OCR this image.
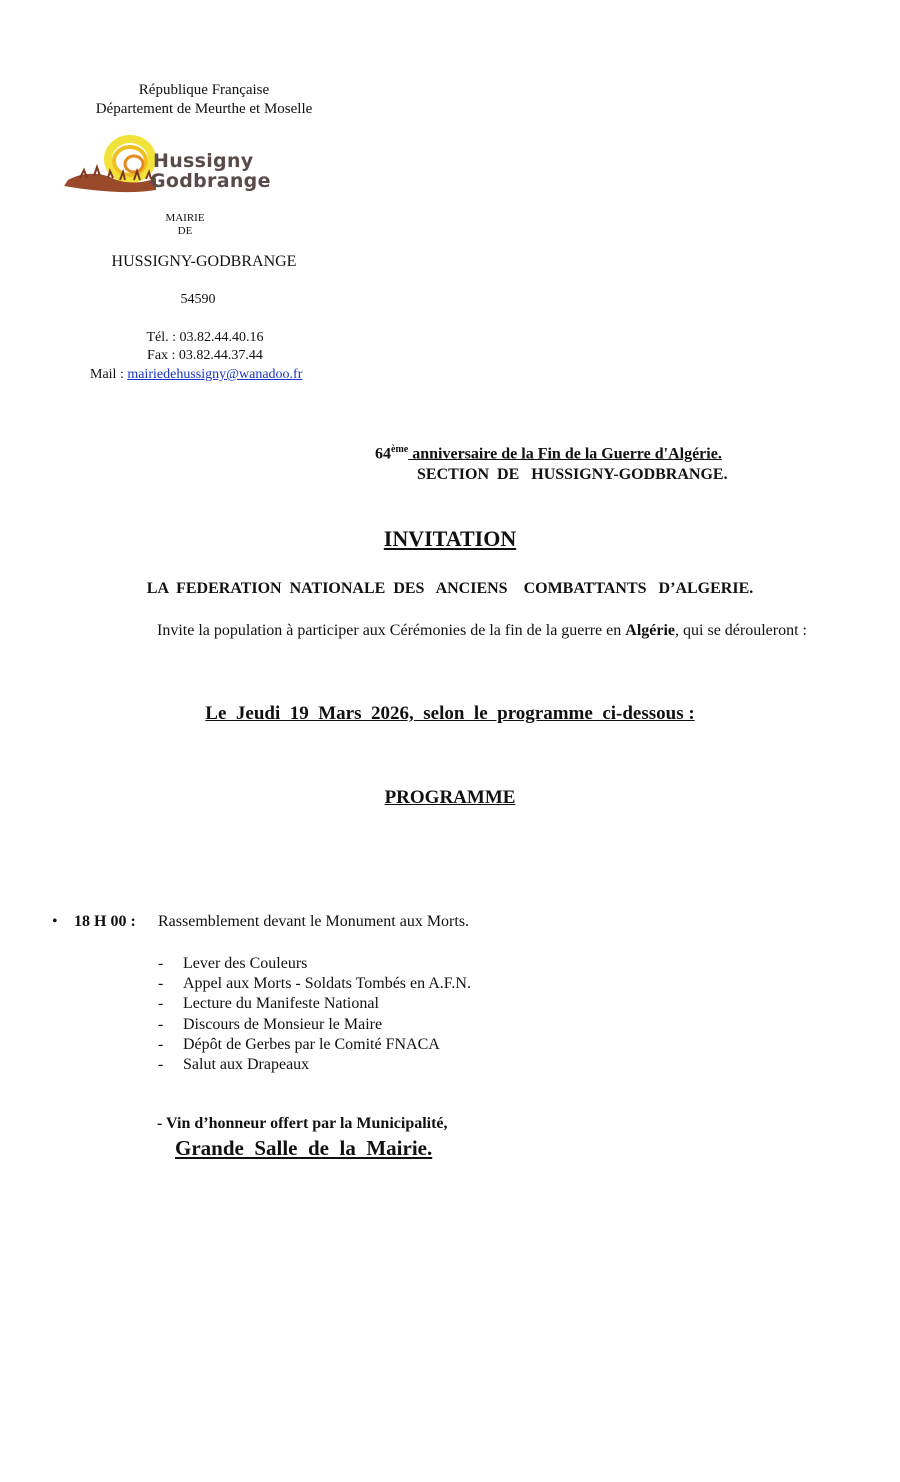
République Française
Département de Meurthe et Moselle
Hussigny
Godbrange
MAIRIE
DE
HUSSIGNY-GODBRANGE
54590
Tél. : 03.82.44.40.16
Fax : 03.82.44.37.44
Mail : mairiedehussigny@wanadoo.fr
64ème anniversaire de la Fin de la Guerre d'Algérie.
SECTION  DE   HUSSIGNY-GODBRANGE.
INVITATION
LA  FEDERATION  NATIONALE  DES   ANCIENS    COMBATTANTS   D’ALGERIE.
Invite la population à participer aux Cérémonies de la fin de la guerre en Algérie, qui se dérouleront :
Le  Jeudi  19  Mars  2026,  selon  le  programme  ci-dessous :
PROGRAMME
• 18 H 00 : Rassemblement devant le Monument aux Morts.
- Lever des Couleurs
- Appel aux Morts - Soldats Tombés en A.F.N.
- Lecture du Manifeste National
- Discours de Monsieur le Maire
- Dépôt de Gerbes par le Comité FNACA
- Salut aux Drapeaux
- Vin d’honneur offert par la Municipalité,
Grande  Salle  de  la  Mairie.
